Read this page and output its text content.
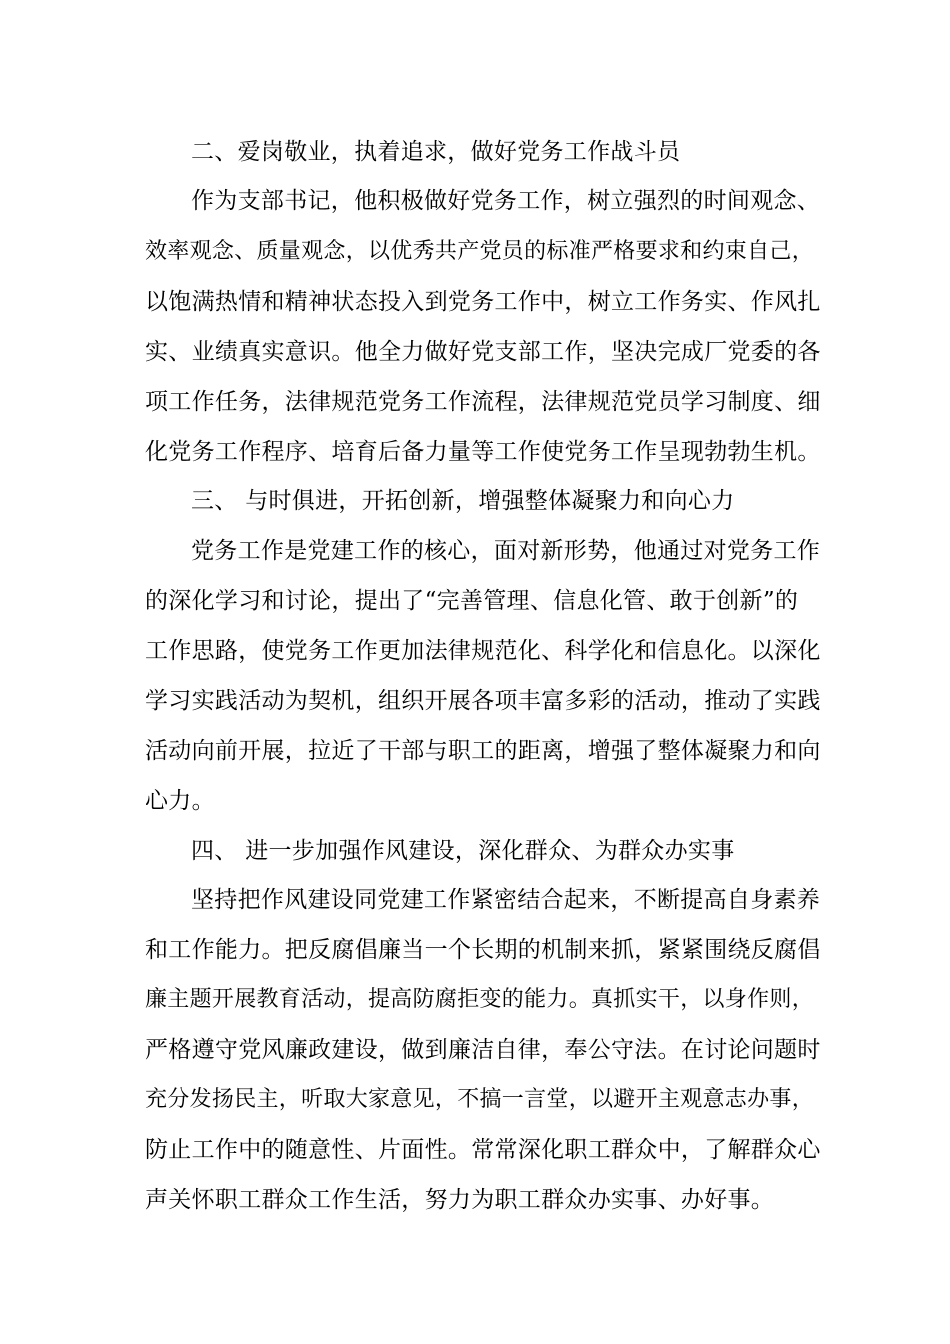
二、爱岗敬业，执着追求，做好党务工作战斗员
作为支部书记，他积极做好党务工作，树立强烈的时间观念、
效率观念、质量观念，以优秀共产党员的标准严格要求和约束自己，
以饱满热情和精神状态投入到党务工作中，树立工作务实、作风扎
实、业绩真实意识。他全力做好党支部工作，坚决完成厂党委的各
项工作任务，法律规范党务工作流程，法律规范党员学习制度、细
化党务工作程序、培育后备力量等工作使党务工作呈现勃勃生机。
三、 与时俱进，开拓创新，增强整体凝聚力和向心力
党务工作是党建工作的核心，面对新形势，他通过对党务工作
的深化学习和讨论，提出了“完善管理、信息化管、敢于创新”的
工作思路，使党务工作更加法律规范化、科学化和信息化。以深化
学习实践活动为契机，组织开展各项丰富多彩的活动，推动了实践
活动向前开展，拉近了干部与职工的距离，增强了整体凝聚力和向
心力。
四、 进一步加强作风建设，深化群众、为群众办实事
坚持把作风建设同党建工作紧密结合起来，不断提高自身素养
和工作能力。把反腐倡廉当一个长期的机制来抓，紧紧围绕反腐倡
廉主题开展教育活动，提高防腐拒变的能力。真抓实干，以身作则，
严格遵守党风廉政建设，做到廉洁自律，奉公守法。在讨论问题时
充分发扬民主，听取大家意见，不搞一言堂，以避开主观意志办事，
防止工作中的随意性、片面性。常常深化职工群众中，了解群众心
声关怀职工群众工作生活，努力为职工群众办实事、办好事。
